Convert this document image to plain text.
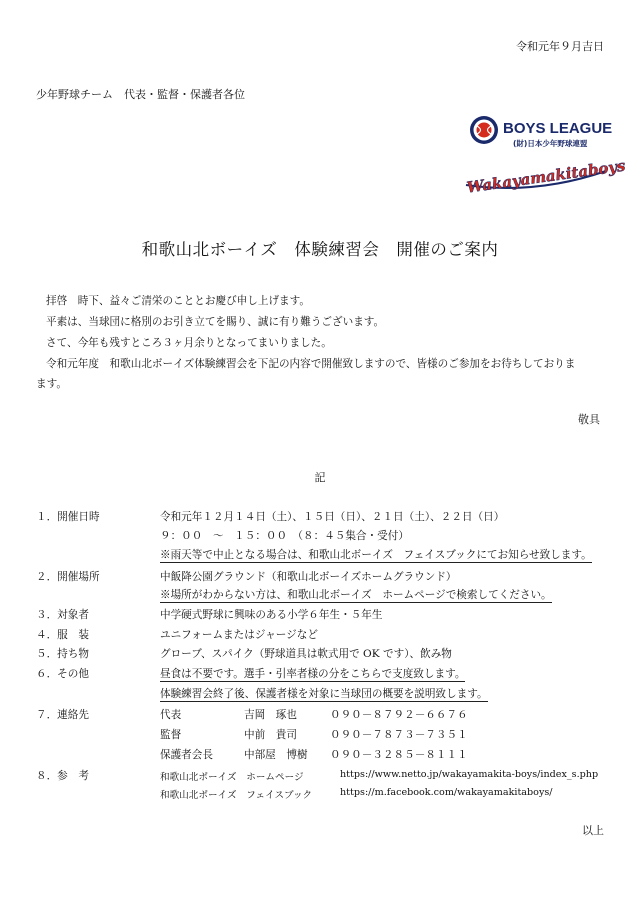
令和元年９月吉日
少年野球チーム　代表・監督・保護者各位
BOYS LEAGUE
(財)日本少年野球連盟
Wakayamakitaboys
和歌山北ボーイズ　体験練習会　開催のご案内
拝啓　時下、益々ご清栄のこととお慶び申し上げます。
平素は、当球団に格別のお引き立てを賜り、誠に有り難うございます。
さて、今年も残すところ３ヶ月余りとなってまいりました。
令和元年度　和歌山北ボーイズ体験練習会を下記の内容で開催致しますので、皆様のご参加をお待ちしておりま
ます。
敬具
記
１．開催日時	令和元年１２月１４日（土）、１５日（日）、２１日（土）、２２日（日）
９：００　～　１５：００　（８：４５集合・受付）
※雨天等で中止となる場合は、和歌山北ボーイズ　フェイスブックにてお知らせ致します。
２．開催場所	中飯降公園グラウンド（和歌山北ボーイズホームグラウンド）
※場所がわからない方は、和歌山北ボーイズ　ホームページで検索してください。
３．対象者	中学硬式野球に興味のある小学６年生・５年生
４．服　装	ユニフォームまたはジャージなど
５．持ち物	グローブ、スパイク（野球道具は軟式用で OK です）、飲み物
６．その他	昼食は不要です。選手・引率者様の分をこちらで支度致します。
体験練習会終了後、保護者様を対象に当球団の概要を説明致します。
７．連絡先	代表	吉岡　琢也	０９０－８７９２－６６７６
監督	中前　貴司	０９０－７８７３－７３５１
保護者会長	中部屋　博樹 ０９０－３２８５－８１１１
８．参　考	和歌山北ボーイズ　ホームページ	https://www.netto.jp/wakayamakita-boys/index_s.php
和歌山北ボーイズ　フェイスブック	https://m.facebook.com/wakayamakitaboys/
以上
